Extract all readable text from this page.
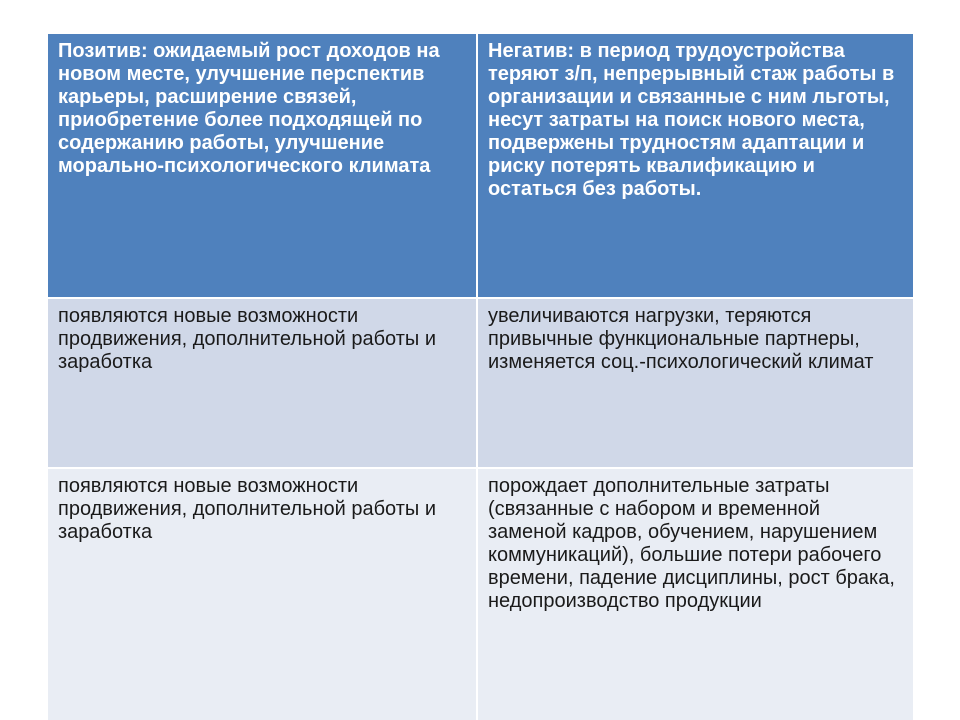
Позитив: ожидаемый рост доходов на новом месте, улучшение перспектив карьеры, расширение связей, приобретение более подходящей по содержанию работы, улучшение морально-психологического климата
Негатив: в период трудоустройства теряют з/п, непрерывный стаж работы в организации и связанные с ним льготы, несут затраты на поиск нового места, подвержены трудностям адаптации и риску потерять квалификацию и остаться без работы.
появляются новые возможности продвижения, дополнительной работы и заработка
увеличиваются нагрузки, теряются привычные функциональные партнеры, изменяется соц.-психологический климат
появляются новые возможности продвижения, дополнительной работы и заработка
порождает дополнительные затраты (связанные с набором и временной заменой кадров, обучением, нарушением коммуникаций), большие потери рабочего времени, падение дисциплины, рост брака, недопроизводство продукции
